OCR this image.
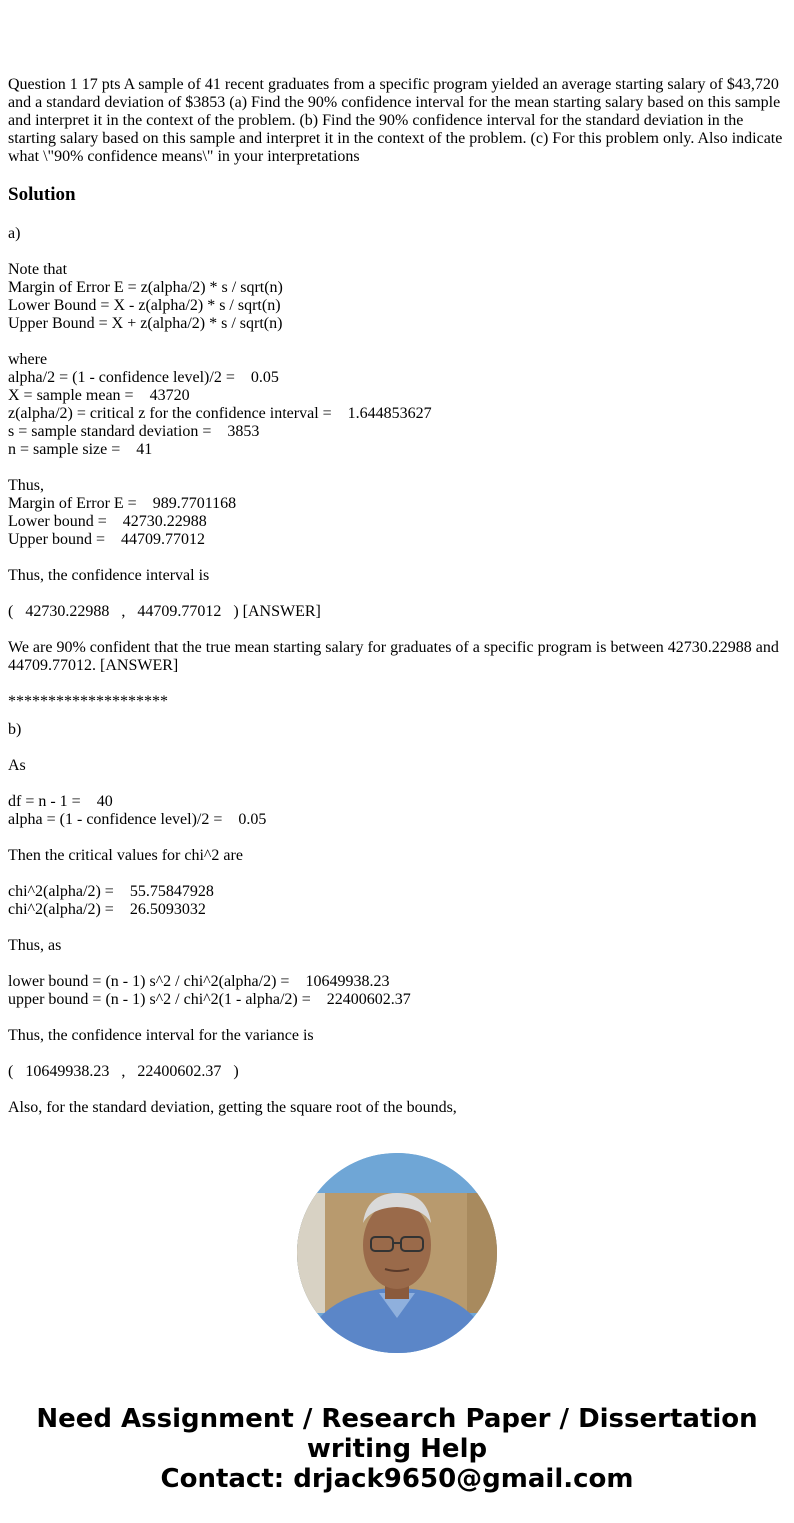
Question 1 17 pts A sample of 41 recent graduates from a specific program yielded an average starting salary of $43,720 and a standard deviation of $3853 (a) Find the 90% confidence interval for the mean starting salary based on this sample and interpret it in the context of the problem. (b) Find the 90% confidence interval for the standard deviation in the starting salary based on this sample and interpret it in the context of the problem. (c) For this problem only. Also indicate what \"90% confidence means\" in your interpretations
Solution
a)
Note that
Margin of Error E = z(alpha/2) * s / sqrt(n)
Lower Bound = X - z(alpha/2) * s / sqrt(n)
Upper Bound = X + z(alpha/2) * s / sqrt(n)
where
alpha/2 = (1 - confidence level)/2 =    0.05
X = sample mean =    43720
z(alpha/2) = critical z for the confidence interval =    1.644853627
s = sample standard deviation =    3853
n = sample size =    41
Thus,
Margin of Error E =    989.7701168
Lower bound =    42730.22988
Upper bound =    44709.77012
Thus, the confidence interval is
(   42730.22988   ,   44709.77012   ) [ANSWER]
We are 90% confident that the true mean starting salary for graduates of a specific program is between 42730.22988 and 44709.77012. [ANSWER]
********************
b)
As
df = n - 1 =    40
alpha = (1 - confidence level)/2 =    0.05
Then the critical values for chi^2 are
chi^2(alpha/2) =    55.75847928
chi^2(alpha/2) =    26.5093032
Thus, as
lower bound = (n - 1) s^2 / chi^2(alpha/2) =    10649938.23
upper bound = (n - 1) s^2 / chi^2(1 - alpha/2) =    22400602.37
Thus, the confidence interval for the variance is
(   10649938.23   ,   22400602.37   )
Also, for the standard deviation, getting the square root of the bounds,
Need Assignment / Research Paper / Dissertation
writing Help
Contact: drjack9650@gmail.com
